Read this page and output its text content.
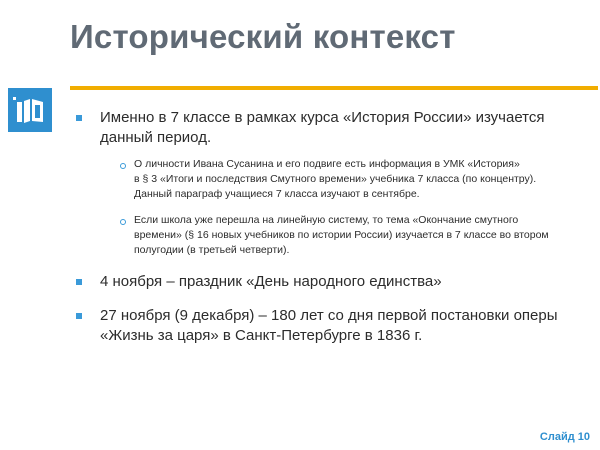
Исторический контекст
Именно в 7 классе в рамках курса «История России» изучается
данный период.
О личности Ивана Сусанина и его подвиге есть информация в УМК «История»
в § 3 «Итоги и последствия Смутного времени» учебника 7 класса (по концентру).
Данный параграф учащиеся 7 класса изучают в сентябре.
Если школа уже перешла на линейную систему, то тема «Окончание смутного
времени» (§ 16 новых учебников по истории России) изучается в 7 классе во втором
полугодии (в третьей четверти).
4 ноября – праздник «День народного единства»
27 ноября (9 декабря) – 180 лет со дня первой постановки оперы
«Жизнь за царя» в Санкт-Петербурге в 1836 г.
Слайд 10
